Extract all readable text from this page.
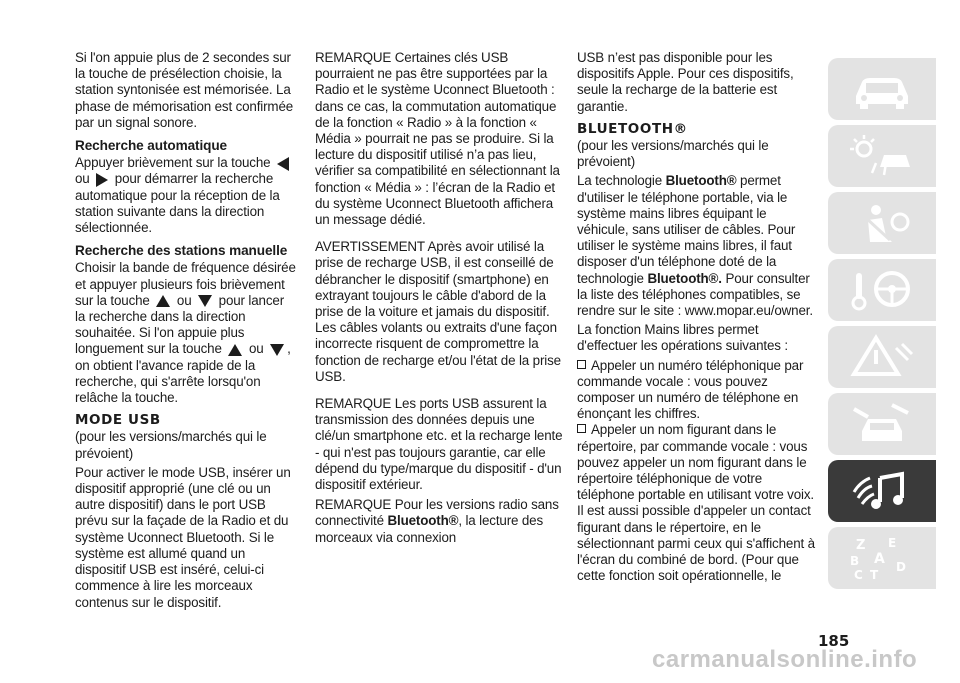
Si l'on appuie plus de 2 secondes sur la touche de présélection choisie, la station syntonisée est mémorisée. La phase de mémorisation est confirmée par un signal sonore.

Recherche automatique

Appuyer brièvement sur la touche  ou pour démarrer la recherche automatique pour la réception de la station suivante dans la direction sélectionnée.

Recherche des stations manuelle

Choisir la bande de fréquence désirée et appuyer plusieurs fois brièvement sur la touche ou pour lancer la recherche dans la direction souhaitée. Si l'on appuie plus longuement sur la touche ou , on obtient l'avance rapide de la recherche, qui s'arrête lorsqu'on relâche la touche.

MODE USB

(pour les versions/marchés qui le prévoient)

Pour activer le mode USB, insérer un dispositif approprié (une clé ou un autre dispositif) dans le port USB prévu sur la façade de la Radio et du système Uconnect Bluetooth. Si le système est allumé quand un dispositif USB est inséré, celui-ci commence à lire les morceaux contenus sur le dispositif.

REMARQUE Certaines clés USB pourraient ne pas être supportées par la Radio et le système Uconnect Bluetooth : dans ce cas, la commutation automatique de la fonction « Radio » à la fonction « Média » pourrait ne pas se produire. Si la lecture du dispositif utilisé n’a pas lieu, vérifier sa compatibilité en sélectionnant la fonction « Média » : l’écran de la Radio et du système Uconnect Bluetooth affichera un message dédié.

AVERTISSEMENT Après avoir utilisé la prise de recharge USB, il est conseillé de débrancher le dispositif (smartphone) en extrayant toujours le câble d'abord de la prise de la voiture et jamais du dispositif. Les câbles volants ou extraits d'une façon incorrecte risquent de compromettre la fonction de recharge et/ou l'état de la prise USB.

REMARQUE Les ports USB assurent la transmission des données depuis une clé/un smartphone etc. et la recharge lente - qui n'est pas toujours garantie, car elle dépend du type/marque du dispositif - d'un dispositif extérieur.

REMARQUE Pour les versions radio sans connectivité Bluetooth®, la lecture des morceaux via connexion

USB n’est pas disponible pour les dispositifs Apple. Pour ces dispositifs, seule la recharge de la batterie est garantie.

BLUETOOTH®

(pour les versions/marchés qui le prévoient)

La technologie Bluetooth® permet d'utiliser le téléphone portable, via le système mains libres équipant le véhicule, sans utiliser de câbles. Pour utiliser le système mains libres, il faut disposer d'un téléphone doté de la technologie Bluetooth®. Pour consulter la liste des téléphones compatibles, se rendre sur le site : www.mopar.eu/owner.

La fonction Mains libres permet d'effectuer les opérations suivantes :

Appeler un numéro téléphonique par commande vocale : vous pouvez composer un numéro de téléphone en énonçant les chiffres.

Appeler un nom figurant dans le répertoire, par commande vocale : vous pouvez appeler un nom figurant dans le répertoire téléphonique de votre téléphone portable en utilisant votre voix. Il est aussi possible d'appeler un contact figurant dans le répertoire, en le sélectionnant parmi ceux qui s'affichent à l'écran du combiné de bord. (Pour que cette fonction soit opérationnelle, le

Z E
B A
C T
D
185
carmanualsonline.info
